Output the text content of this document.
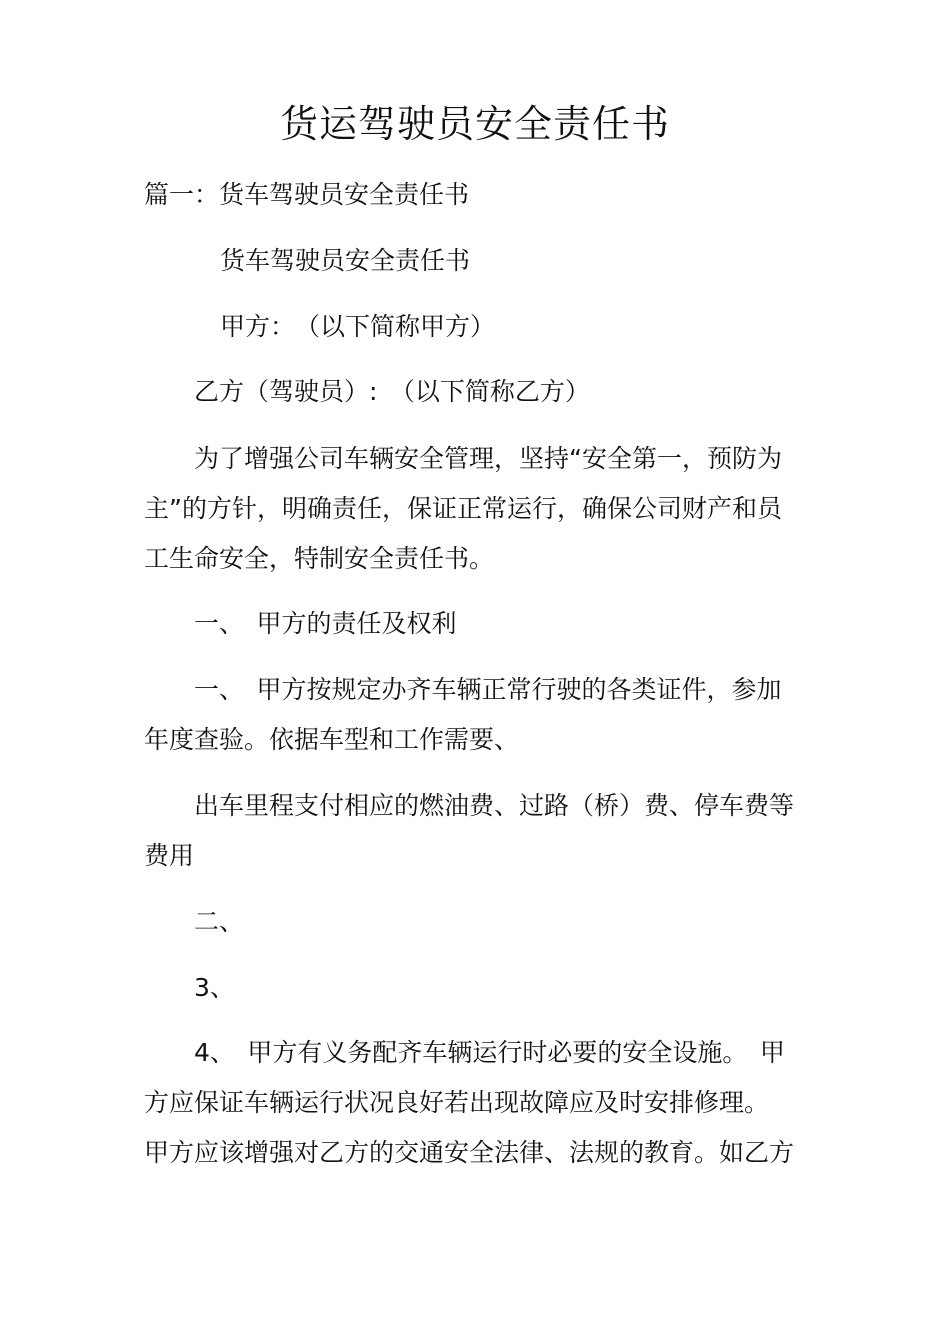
货运驾驶员安全责任书

篇一：货车驾驶员安全责任书

货车驾驶员安全责任书

甲方：　（以下简称甲方）

乙方（驾驶员）:　（以下简称乙方）

为了增强公司车辆安全管理，坚持“安全第一，预防为
主”的方针，明确责任，保证正常运行，确保公司财产和员
工生命安全，特制安全责任书。

一、　甲方的责任及权利

一、　甲方按规定办齐车辆正常行驶的各类证件，参加
年度查验。依据车型和工作需要、
出车里程支付相应的燃油费、过路（桥）费、停车费等
费用

二、

3、

4、　甲方有义务配齐车辆运行时必要的安全设施。　甲
方应保证车辆运行状况良好若出现故障应及时安排修理。
甲方应该增强对乙方的交通安全法律、法规的教育。如乙方
